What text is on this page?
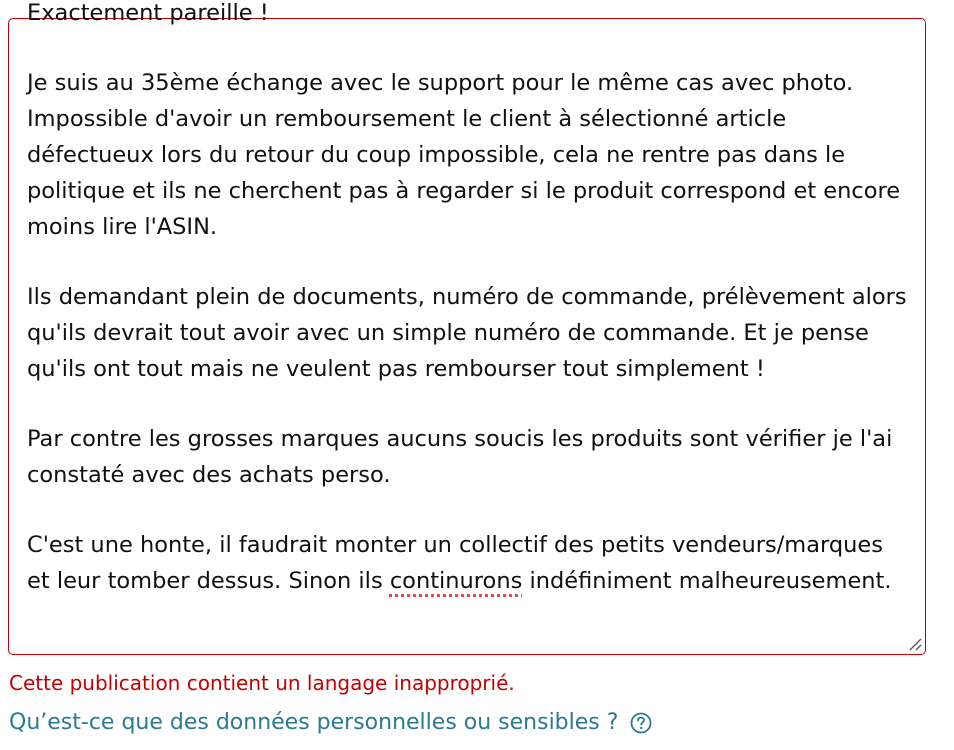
Exactement pareille !

Je suis au 35ème échange avec le support pour le même cas avec photo. Impossible d'avoir un remboursement le client à sélectionné article défectueux lors du retour du coup impossible, cela ne rentre pas dans le politique et ils ne cherchent pas à regarder si le produit correspond et encore moins lire l'ASIN.

Ils demandant plein de documents, numéro de commande, prélèvement alors qu'ils devrait tout avoir avec un simple numéro de commande. Et je pense qu'ils ont tout mais ne veulent pas rembourser tout simplement !

Par contre les grosses marques aucuns soucis les produits sont vérifier je l'ai constaté avec des achats perso.

C'est une honte, il faudrait monter un collectif des petits vendeurs/marques et leur tomber dessus. Sinon ils continurons indéfiniment malheureusement.

Cette publication contient un langage inapproprié.
Qu’est-ce que des données personnelles ou sensibles ?
